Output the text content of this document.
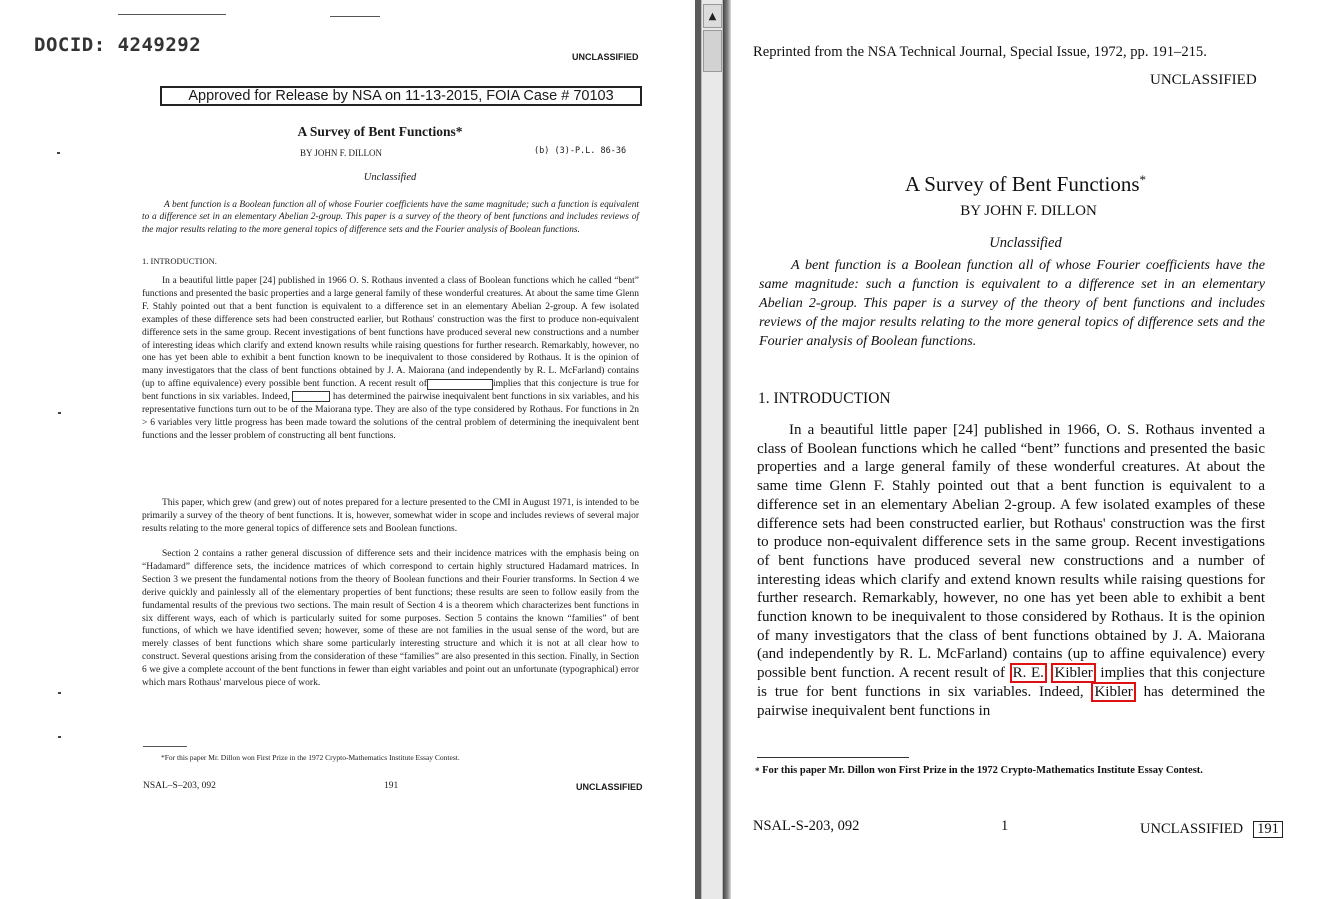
DOCID: 4249292
UNCLASSIFIED
Approved for Release by NSA on 11-13-2015, FOIA Case # 70103
A Survey of Bent Functions*
BY JOHN F. DILLON	(b) (3)-P.L. 86-36
Unclassified

A bent function is a Boolean function all of whose Fourier coefficients have the same magnitude; such a function is equivalent to a difference set in an elementary Abelian 2-group. This paper is a survey of the theory of bent functions and includes reviews of the major results relating to the more general topics of difference sets and the Fourier analysis of Boolean functions.

1. INTRODUCTION.

In a beautiful little paper [24] published in 1966 O. S. Rothaus invented a class of Boolean functions which he called “bent” functions and presented the basic properties and a large general family of these wonderful creatures. At about the same time Glenn F. Stahly pointed out that a bent function is equivalent to a difference set in an elementary Abelian 2-group. A few isolated examples of these difference sets had been constructed earlier, but Rothaus' construction was the first to produce non-equivalent difference sets in the same group. Recent investigations of bent functions have produced several new constructions and a number of interesting ideas which clarify and extend known results while raising questions for further research. Remarkably, however, no one has yet been able to exhibit a bent function known to be inequivalent to those considered by Rothaus. It is the opinion of many investigators that the class of bent functions obtained by J. A. Maiorana (and independently by R. L. McFarland) contains (up to affine equivalence) every possible bent function. A recent result of	implies that this conjecture is true for bent functions in six variables. Indeed,	has determined the pairwise inequivalent bent functions in six variables, and his representative functions turn out to be of the Maiorana type. They are also of the type considered by Rothaus. For functions in 2n > 6 variables very little progress has been made toward the solutions of the central problem of determining the inequivalent bent functions and the lesser problem of constructing all bent functions.

This paper, which grew (and grew) out of notes prepared for a lecture presented to the CMI in August 1971, is intended to be primarily a survey of the theory of bent functions. It is, however, somewhat wider in scope and includes reviews of several major results relating to the more general topics of difference sets and Boolean functions.

Section 2 contains a rather general discussion of difference sets and their incidence matrices with the emphasis being on “Hadamard” difference sets, the incidence matrices of which correspond to certain highly structured Hadamard matrices. In Section 3 we present the fundamental notions from the theory of Boolean functions and their Fourier transforms. In Section 4 we derive quickly and painlessly all of the elementary properties of bent functions; these results are seen to follow easily from the fundamental results of the previous two sections. The main result of Section 4 is a theorem which characterizes bent functions in six different ways, each of which is particularly suited for some purposes. Section 5 contains the known “families” of bent functions, of which we have identified seven; however, some of these are not families in the usual sense of the word, but are merely classes of bent functions which share some particularly interesting structure and which it is not at all clear how to construct. Several questions arising from the consideration of these “families” are also presented in this section. Finally, in Section 6 we give a complete account of the bent functions in fewer than eight variables and point out an unfortunate (typographical) error which mars Rothaus' marvelous piece of work.

*For this paper Mr. Dillon won First Prize in the 1972 Crypto-Mathematics Institute Essay Contest.
NSAL–S–203, 092	191	UNCLASSIFIED
▲
Reprinted from the NSA Technical Journal, Special Issue, 1972, pp. 191–215.
UNCLASSIFIED
A Survey of Bent Functions*
BY JOHN F. DILLON
Unclassified

A bent function is a Boolean function all of whose Fourier coefficients have the same magnitude: such a function is equivalent to a difference set in an elementary Abelian 2-group. This paper is a survey of the theory of bent functions and includes reviews of the major results relating to the more general topics of difference sets and the Fourier analysis of Boolean functions.

1. INTRODUCTION

In a beautiful little paper [24] published in 1966, O. S. Rothaus invented a class of Boolean functions which he called “bent” functions and presented the basic properties and a large general family of these wonderful creatures. At about the same time Glenn F. Stahly pointed out that a bent function is equivalent to a difference set in an elementary Abelian 2-group. A few isolated examples of these difference sets had been constructed earlier, but Rothaus' construction was the first to produce non-equivalent difference sets in the same group. Recent investigations of bent functions have produced several new constructions and a number of interesting ideas which clarify and extend known results while raising questions for further research. Remarkably, however, no one has yet been able to exhibit a bent function known to be inequivalent to those considered by Rothaus. It is the opinion of many investigators that the class of bent functions obtained by J. A. Maiorana (and independently by R. L. McFarland) contains (up to affine equivalence) every possible bent function. A recent result of R. E. Kibler implies that this conjecture is true for bent functions in six variables. Indeed, Kibler has determined the pairwise inequivalent bent functions in

* For this paper Mr. Dillon won First Prize in the 1972 Crypto-Mathematics Institute Essay Contest.
NSAL-S-203, 092	1	UNCLASSIFIED 191
